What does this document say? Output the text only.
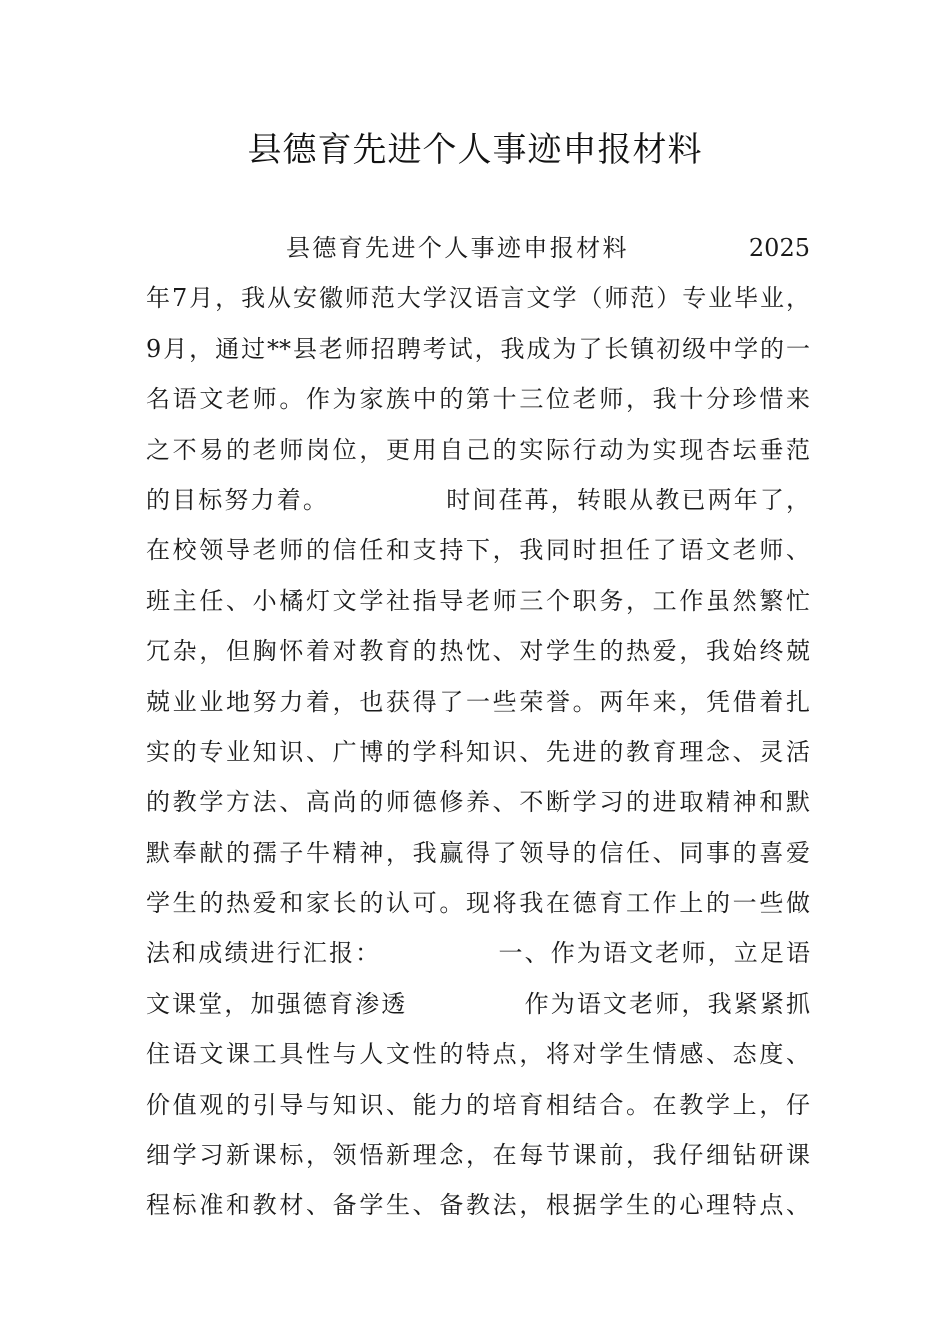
县德育先进个人事迹申报材料
县德育先进个人事迹申报材料            2025
年7月，我从安徽师范大学汉语言文学（师范）专业毕业，
9月，通过**县老师招聘考试，我成为了长镇初级中学的一
名语文老师。作为家族中的第十三位老师，我十分珍惜来
之不易的老师岗位，更用自己的实际行动为实现杏坛垂范
的目标努力着。            时间荏苒，转眼从教已两年了，
在校领导老师的信任和支持下，我同时担任了语文老师、
班主任、小橘灯文学社指导老师三个职务，工作虽然繁忙
冗杂，但胸怀着对教育的热忱、对学生的热爱，我始终兢
兢业业地努力着，也获得了一些荣誉。两年来，凭借着扎
实的专业知识、广博的学科知识、先进的教育理念、灵活
的教学方法、高尚的师德修养、不断学习的进取精神和默
默奉献的孺子牛精神，我赢得了领导的信任、同事的喜爱
学生的热爱和家长的认可。现将我在德育工作上的一些做
法和成绩进行汇报：            一、作为语文老师，立足语
文课堂，加强德育渗透            作为语文老师，我紧紧抓
住语文课工具性与人文性的特点，将对学生情感、态度、
价值观的引导与知识、能力的培育相结合。在教学上，仔
细学习新课标，领悟新理念，在每节课前，我仔细钻研课
程标准和教材、备学生、备教法，根据学生的心理特点、
